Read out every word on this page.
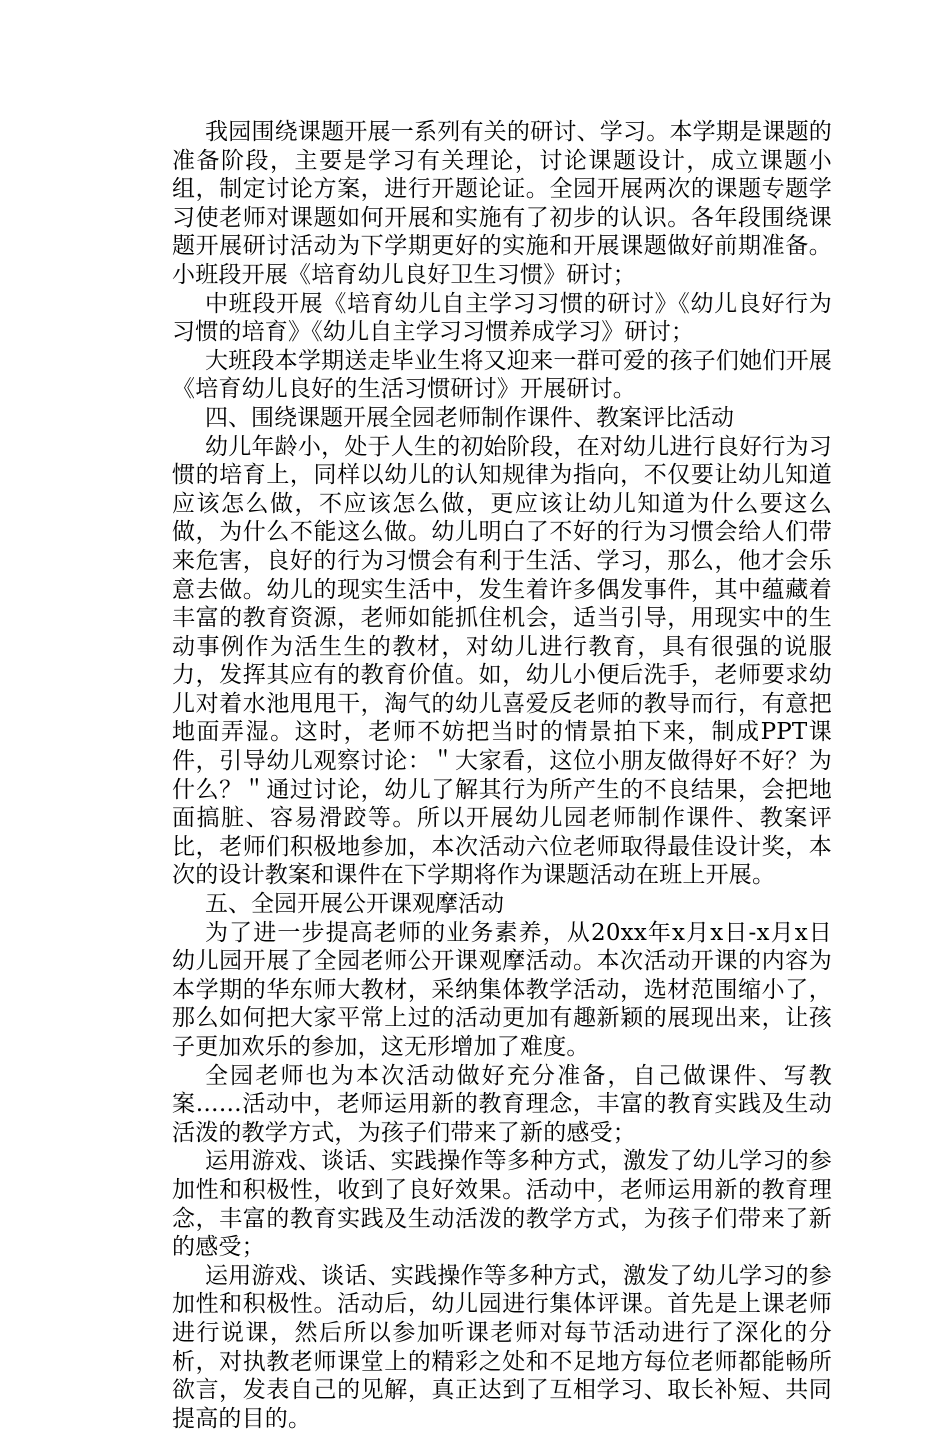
我园围绕课题开展一系列有关的研讨、学习。本学期是课题的准备阶段，主要是学习有关理论，讨论课题设计，成立课题小组，制定讨论方案，进行开题论证。全园开展两次的课题专题学习使老师对课题如何开展和实施有了初步的认识。各年段围绕课题开展研讨活动为下学期更好的实施和开展课题做好前期准备。小班段开展《培育幼儿良好卫生习惯》研讨；

中班段开展《培育幼儿自主学习习惯的研讨》《幼儿良好行为习惯的培育》《幼儿自主学习习惯养成学习》研讨；

大班段本学期送走毕业生将又迎来一群可爱的孩子们她们开展《培育幼儿良好的生活习惯研讨》开展研讨。

四、围绕课题开展全园老师制作课件、教案评比活动

幼儿年龄小，处于人生的初始阶段，在对幼儿进行良好行为习惯的培育上，同样以幼儿的认知规律为指向，不仅要让幼儿知道应该怎么做，不应该怎么做，更应该让幼儿知道为什么要这么做，为什么不能这么做。幼儿明白了不好的行为习惯会给人们带来危害，良好的行为习惯会有利于生活、学习，那么，他才会乐意去做。幼儿的现实生活中，发生着许多偶发事件，其中蕴藏着丰富的教育资源，老师如能抓住机会，适当引导，用现实中的生动事例作为活生生的教材，对幼儿进行教育，具有很强的说服力，发挥其应有的教育价值。如，幼儿小便后洗手，老师要求幼儿对着水池甩甩干，淘气的幼儿喜爱反老师的教导而行，有意把地面弄湿。这时，老师不妨把当时的情景拍下来，制成PPT课件，引导幼儿观察讨论：＂大家看，这位小朋友做得好不好？为什么？＂通过讨论，幼儿了解其行为所产生的不良结果，会把地面搞脏、容易滑跤等。所以开展幼儿园老师制作课件、教案评比，老师们积极地参加，本次活动六位老师取得最佳设计奖，本次的设计教案和课件在下学期将作为课题活动在班上开展。

五、全园开展公开课观摩活动

为了进一步提高老师的业务素养，从20xx年x月x日-x月x日幼儿园开展了全园老师公开课观摩活动。本次活动开课的内容为本学期的华东师大教材，采纳集体教学活动，选材范围缩小了，那么如何把大家平常上过的活动更加有趣新颖的展现出来，让孩子更加欢乐的参加，这无形增加了难度。

全园老师也为本次活动做好充分准备，自己做课件、写教案……活动中，老师运用新的教育理念，丰富的教育实践及生动活泼的教学方式，为孩子们带来了新的感受；

运用游戏、谈话、实践操作等多种方式，激发了幼儿学习的参加性和积极性，收到了良好效果。活动中，老师运用新的教育理念，丰富的教育实践及生动活泼的教学方式，为孩子们带来了新的感受；

运用游戏、谈话、实践操作等多种方式，激发了幼儿学习的参加性和积极性。活动后，幼儿园进行集体评课。首先是上课老师进行说课，然后所以参加听课老师对每节活动进行了深化的分析，对执教老师课堂上的精彩之处和不足地方每位老师都能畅所欲言，发表自己的见解，真正达到了互相学习、取长补短、共同提高的目的。
